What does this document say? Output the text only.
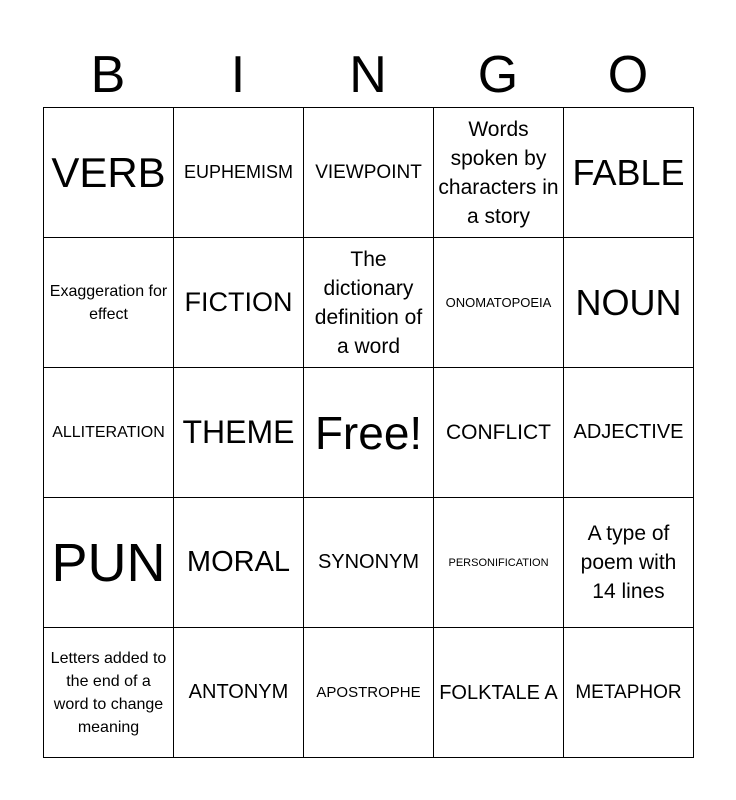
B	I	N	G	O
VERB	EUPHEMISM	VIEWPOINT	Words spoken by characters in a story	FABLE
Exaggeration for effect	FICTION	The dictionary definition of a word	ONOMATOPOEIA	NOUN
ALLITERATION	THEME	Free!	CONFLICT	ADJECTIVE
PUN	MORAL	SYNONYM	PERSONIFICATION	A type of poem with 14 lines
Letters added to the end of a word to change meaning	ANTONYM	APOSTROPHE	FOLKTALE A	METAPHOR
